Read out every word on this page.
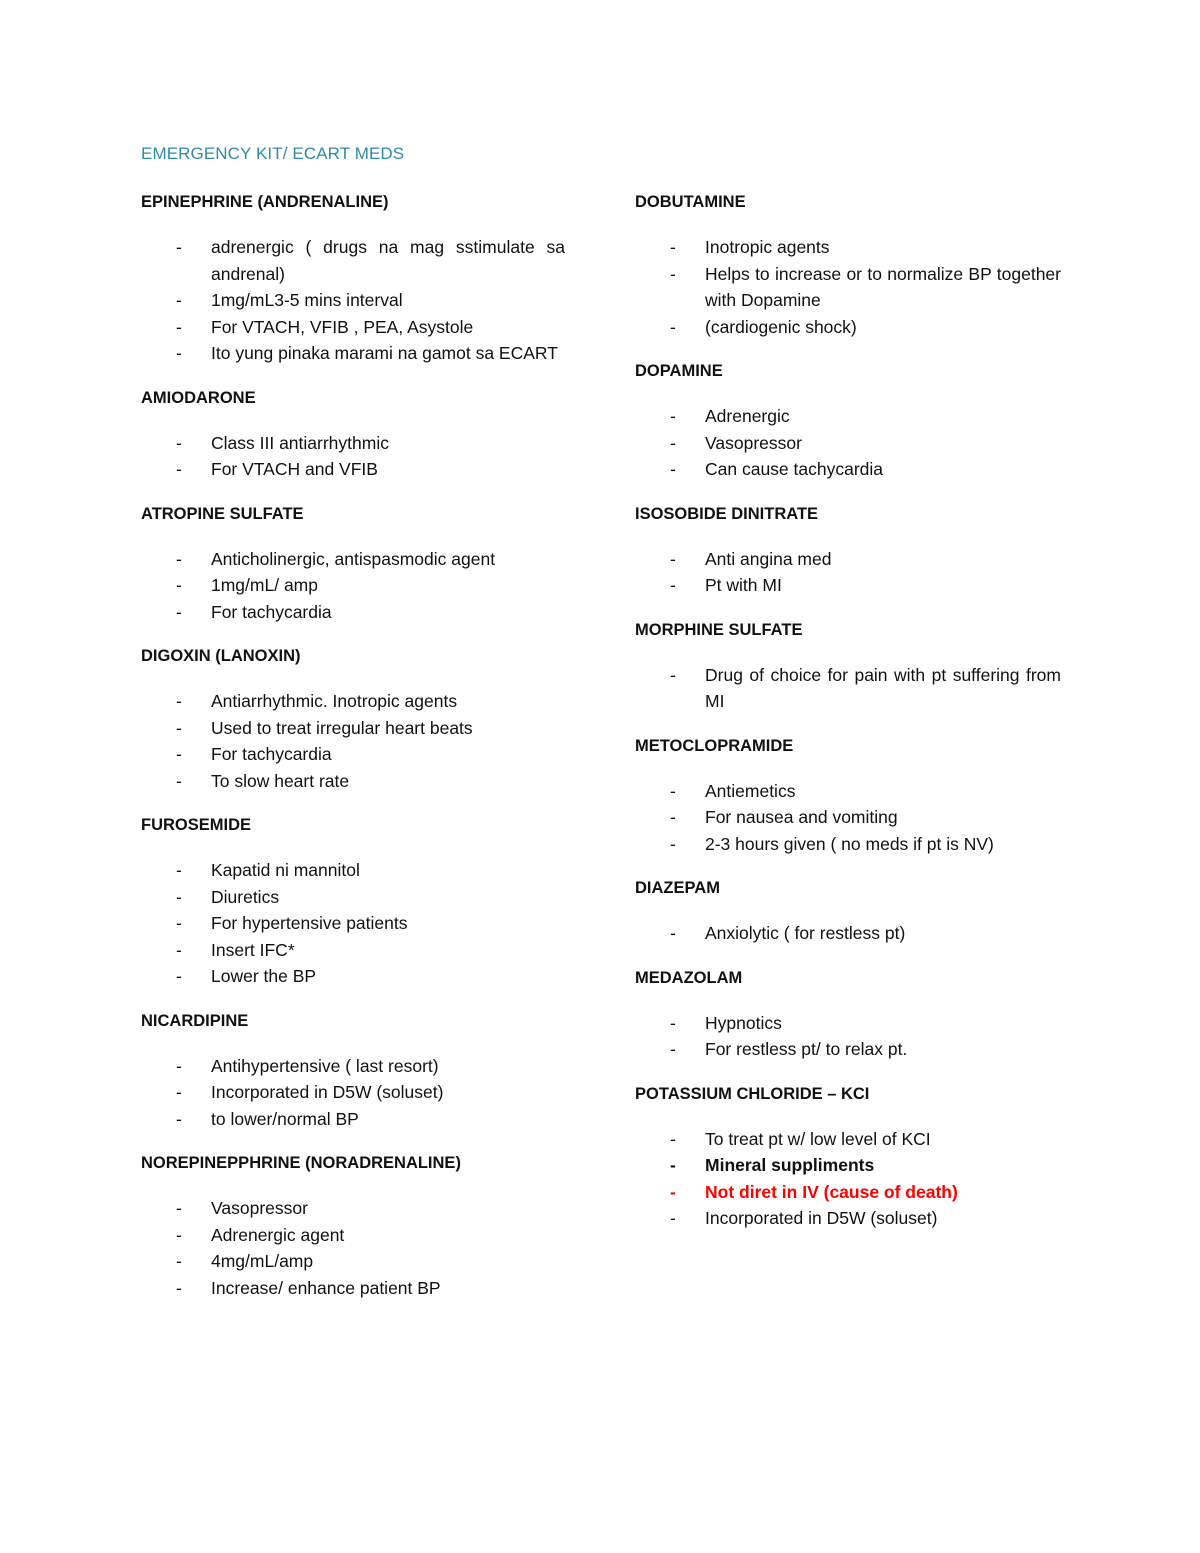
EMERGENCY KIT/ ECART MEDS
EPINEPHRINE (ANDRENALINE)
- adrenergic ( drugs na mag sstimulate sa andrenal)
- 1mg/mL3-5 mins interval
- For VTACH, VFIB , PEA, Asystole
- Ito yung pinaka marami na gamot sa ECART
AMIODARONE
- Class III antiarrhythmic
- For VTACH and VFIB
ATROPINE SULFATE
- Anticholinergic, antispasmodic agent
- 1mg/mL/ amp
- For tachycardia
DIGOXIN (LANOXIN)
- Antiarrhythmic. Inotropic agents
- Used to treat irregular heart beats
- For tachycardia
- To slow heart rate
FUROSEMIDE
- Kapatid ni mannitol
- Diuretics
- For hypertensive patients
- Insert IFC*
- Lower the BP
NICARDIPINE
- Antihypertensive ( last resort)
- Incorporated in D5W (soluset)
- to lower/normal BP
NOREPINEPPHRINE (NORADRENALINE)
- Vasopressor
- Adrenergic agent
- 4mg/mL/amp
- Increase/ enhance patient BP
DOBUTAMINE
- Inotropic agents
- Helps to increase or to normalize BP together with Dopamine
- (cardiogenic shock)
DOPAMINE
- Adrenergic
- Vasopressor
- Can cause tachycardia
ISOSOBIDE DINITRATE
- Anti angina med
- Pt with MI
MORPHINE SULFATE
- Drug of choice for pain with pt suffering from MI
METOCLOPRAMIDE
- Antiemetics
- For nausea and vomiting
- 2-3 hours given ( no meds if pt is NV)
DIAZEPAM
- Anxiolytic ( for restless pt)
MEDAZOLAM
- Hypnotics
- For restless pt/ to relax pt.
POTASSIUM CHLORIDE – KCI
- To treat pt w/ low level of KCI
- Mineral suppliments
- Not diret in IV (cause of death)
- Incorporated in D5W (soluset)
